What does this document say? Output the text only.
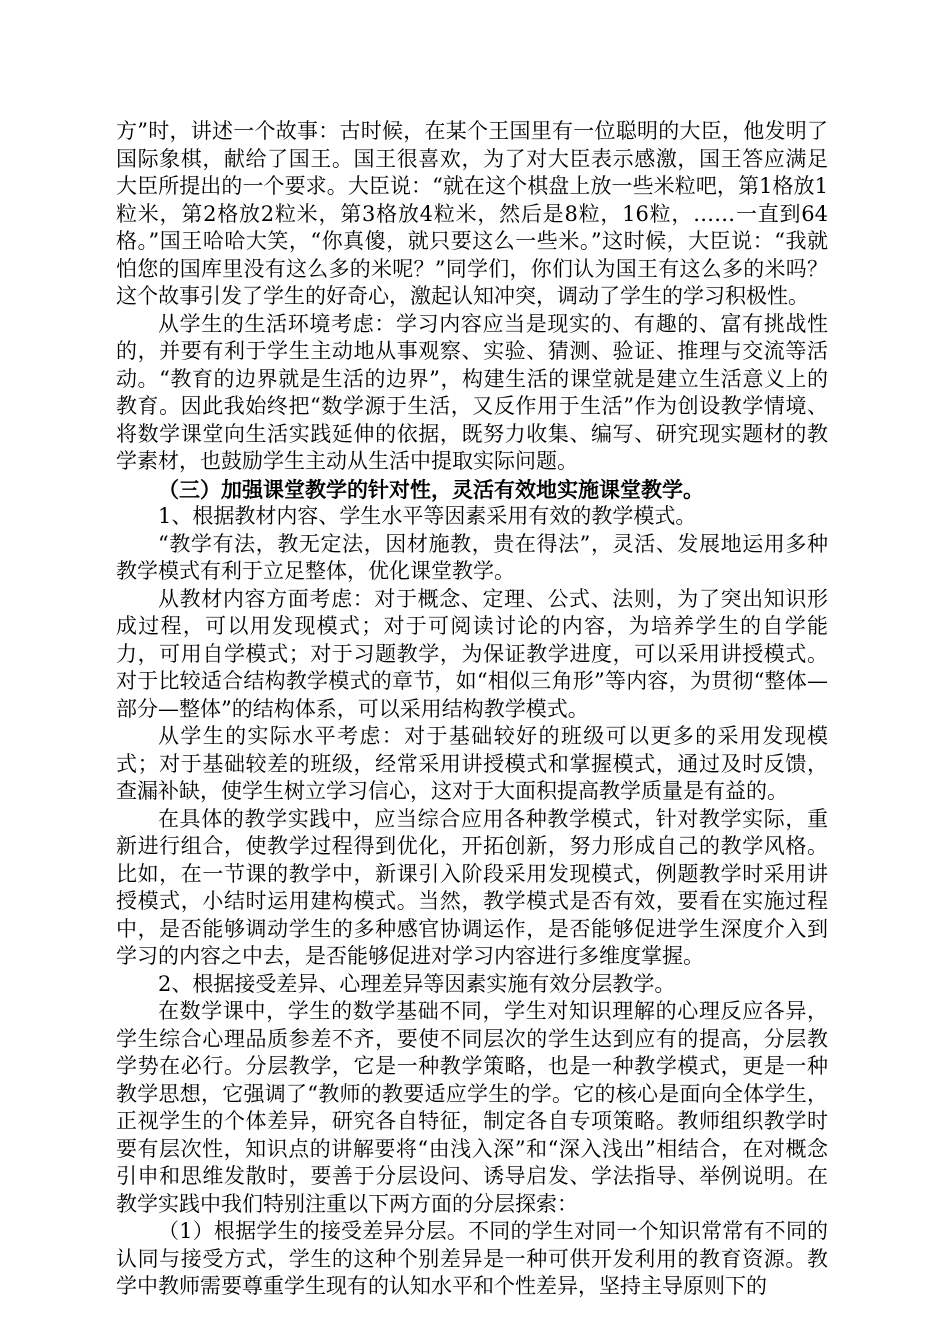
方”时，讲述一个故事：古时候，在某个王国里有一位聪明的大臣，他发明了国际象棋，献给了国王。国王很喜欢，为了对大臣表示感激，国王答应满足大臣所提出的一个要求。大臣说：“就在这个棋盘上放一些米粒吧，第1格放1粒米，第2格放2粒米，第3格放4粒米，然后是8粒，16粒，……一直到64格。”国王哈哈大笑，“你真傻，就只要这么一些米。”这时候，大臣说：“我就怕您的国库里没有这么多的米呢？”同学们，你们认为国王有这么多的米吗？这个故事引发了学生的好奇心，激起认知冲突，调动了学生的学习积极性。

从学生的生活环境考虑：学习内容应当是现实的、有趣的、富有挑战性的，并要有利于学生主动地从事观察、实验、猜测、验证、推理与交流等活动。“教育的边界就是生活的边界”，构建生活的课堂就是建立生活意义上的教育。因此我始终把“数学源于生活，又反作用于生活”作为创设教学情境、将数学课堂向生活实践延伸的依据，既努力收集、编写、研究现实题材的教学素材，也鼓励学生主动从生活中提取实际问题。

（三）加强课堂教学的针对性，灵活有效地实施课堂教学。

1、根据教材内容、学生水平等因素采用有效的教学模式。

“教学有法，教无定法，因材施教，贵在得法”，灵活、发展地运用多种教学模式有利于立足整体，优化课堂教学。

从教材内容方面考虑：对于概念、定理、公式、法则，为了突出知识形成过程，可以用发现模式；对于可阅读讨论的内容，为培养学生的自学能力，可用自学模式；对于习题教学，为保证教学进度，可以采用讲授模式。对于比较适合结构教学模式的章节，如“相似三角形”等内容，为贯彻“整体—部分—整体”的结构体系，可以采用结构教学模式。

从学生的实际水平考虑：对于基础较好的班级可以更多的采用发现模式；对于基础较差的班级，经常采用讲授模式和掌握模式，通过及时反馈，查漏补缺，使学生树立学习信心，这对于大面积提高教学质量是有益的。

在具体的教学实践中，应当综合应用各种教学模式，针对教学实际，重新进行组合，使教学过程得到优化，开拓创新，努力形成自己的教学风格。比如，在一节课的教学中，新课引入阶段采用发现模式，例题教学时采用讲授模式，小结时运用建构模式。当然，教学模式是否有效，要看在实施过程中，是否能够调动学生的多种感官协调运作，是否能够促进学生深度介入到学习的内容之中去，是否能够促进对学习内容进行多维度掌握。

2、根据接受差异、心理差异等因素实施有效分层教学。

在数学课中，学生的数学基础不同，学生对知识理解的心理反应各异，学生综合心理品质参差不齐，要使不同层次的学生达到应有的提高，分层教学势在必行。分层教学，它是一种教学策略，也是一种教学模式，更是一种教学思想，它强调了“教师的教要适应学生的学。它的核心是面向全体学生，正视学生的个体差异，研究各自特征，制定各自专项策略。教师组织教学时要有层次性，知识点的讲解要将“由浅入深”和“深入浅出”相结合，在对概念引申和思维发散时，要善于分层设问、诱导启发、学法指导、举例说明。在教学实践中我们特别注重以下两方面的分层探索：

（1）根据学生的接受差异分层。不同的学生对同一个知识常常有不同的认同与接受方式，学生的这种个别差异是一种可供开发利用的教育资源。教学中教师需要尊重学生现有的认知水平和个性差异，坚持主导原则下的
